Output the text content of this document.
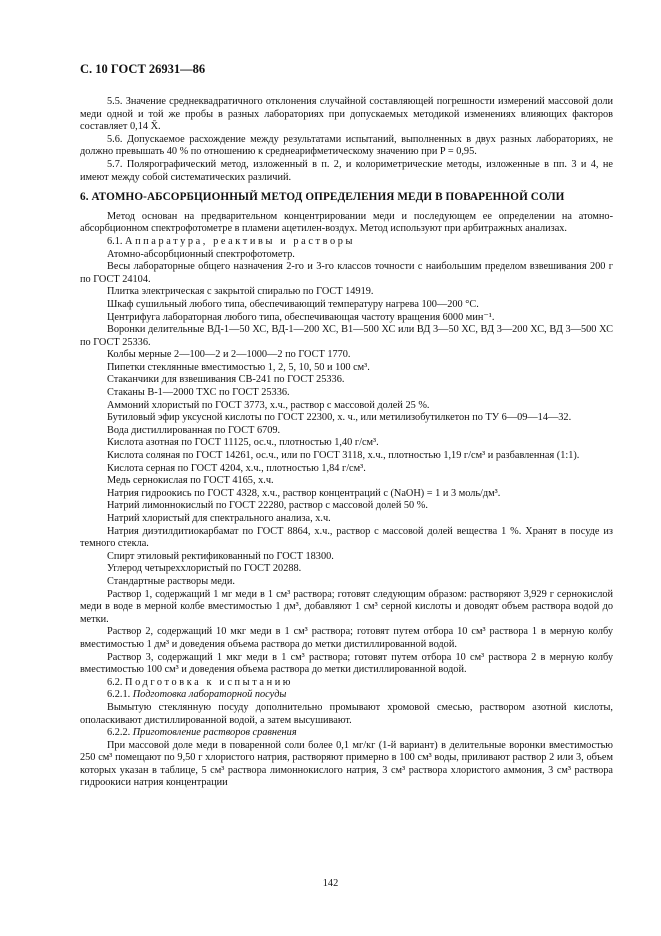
С. 10 ГОСТ 26931—86

5.5. Значение среднеквадратичного отклонения случайной составляющей погрешности измерений массовой доли меди одной и той же пробы в разных лабораториях при допускаемых методикой изменениях влияющих факторов составляет 0,14 X̄.

5.6. Допускаемое расхождение между результатами испытаний, выполненных в двух разных лабораториях, не должно превышать 40 % по отношению к среднеарифметическому значению при P = 0,95.

5.7. Полярографический метод, изложенный в п. 2, и колориметрические методы, изложенные в пп. 3 и 4, не имеют между собой систематических различий.

6. АТОМНО-АБСОРБЦИОННЫЙ МЕТОД ОПРЕДЕЛЕНИЯ МЕДИ В ПОВАРЕННОЙ СОЛИ

Метод основан на предварительном концентрировании меди и последующем ее определении на атомно-абсорбционном спектрофотометре в пламени ацетилен-воздух. Метод используют при арбитражных анализах.

6.1. Аппаратура, реактивы и растворы

Атомно-абсорбционный спектрофотометр.

Весы лабораторные общего назначения 2-го и 3-го классов точности с наибольшим пределом взвешивания 200 г по ГОСТ 24104.

Плитка электрическая с закрытой спиралью по ГОСТ 14919.

Шкаф сушильный любого типа, обеспечивающий температуру нагрева 100—200 °С.

Центрифуга лабораторная любого типа, обеспечивающая частоту вращения 6000 мин⁻¹.

Воронки делительные ВД-1—50 ХС, ВД-1—200 ХС, В1—500 ХС или ВД 3—50 ХС, ВД 3—200 ХС, ВД 3—500 ХС по ГОСТ 25336.

Колбы мерные 2—100—2 и 2—1000—2 по ГОСТ 1770.

Пипетки стеклянные вместимостью 1, 2, 5, 10, 50 и 100 см³.

Стаканчики для взвешивания СВ-241 по ГОСТ 25336.

Стаканы В-1—2000 ТХС по ГОСТ 25336.

Аммоний хлористый по ГОСТ 3773, х.ч., раствор с массовой долей 25 %.

Бутиловый эфир уксусной кислоты по ГОСТ 22300, х. ч., или метилизобутилкетон по ТУ 6—09—14—32.

Вода дистиллированная по ГОСТ 6709.

Кислота азотная по ГОСТ 11125, ос.ч., плотностью 1,40 г/см³.

Кислота соляная по ГОСТ 14261, ос.ч., или по ГОСТ 3118, х.ч., плотностью 1,19 г/см³ и разбавленная (1:1).

Кислота серная по ГОСТ 4204, х.ч., плотностью 1,84 г/см³.

Медь сернокислая по ГОСТ 4165, х.ч.

Натрия гидроокись по ГОСТ 4328, х.ч., раствор концентраций c (NaOH) = 1 и 3 моль/дм³.

Натрий лимоннокислый по ГОСТ 22280, раствор с массовой долей 50 %.

Натрий хлористый для спектрального анализа, х.ч.

Натрия диэтилдитиокарбамат по ГОСТ 8864, х.ч., раствор с массовой долей вещества 1 %. Хранят в посуде из темного стекла.

Спирт этиловый ректификованный по ГОСТ 18300.

Углерод четыреххлористый по ГОСТ 20288.

Стандартные растворы меди.

Раствор 1, содержащий 1 мг меди в 1 см³ раствора; готовят следующим образом: растворяют 3,929 г сернокислой меди в воде в мерной колбе вместимостью 1 дм³, добавляют 1 см³ серной кислоты и доводят объем раствора водой до метки.

Раствор 2, содержащий 10 мкг меди в 1 см³ раствора; готовят путем отбора 10 см³ раствора 1 в мерную колбу вместимостью 1 дм³ и доведения объема раствора до метки дистиллированной водой.

Раствор 3, содержащий 1 мкг меди в 1 см³ раствора; готовят путем отбора 10 см³ раствора 2 в мерную колбу вместимостью 100 см³ и доведения объема раствора до метки дистиллированной водой.

6.2. Подготовка к испытанию

6.2.1. Подготовка лабораторной посуды

Вымытую стеклянную посуду дополнительно промывают хромовой смесью, раствором азотной кислоты, ополаскивают дистиллированной водой, а затем высушивают.

6.2.2. Приготовление растворов сравнения

При массовой доле меди в поваренной соли более 0,1 мг/кг (1-й вариант) в делительные воронки вместимостью 250 см³ помещают по 9,50 г хлористого натрия, растворяют примерно в 100 см³ воды, приливают раствор 2 или 3, объем которых указан в таблице, 5 см³ раствора лимоннокислого натрия, 3 см³ раствора хлористого аммония, 3 см³ раствора гидроокиси натрия концентрации

142
